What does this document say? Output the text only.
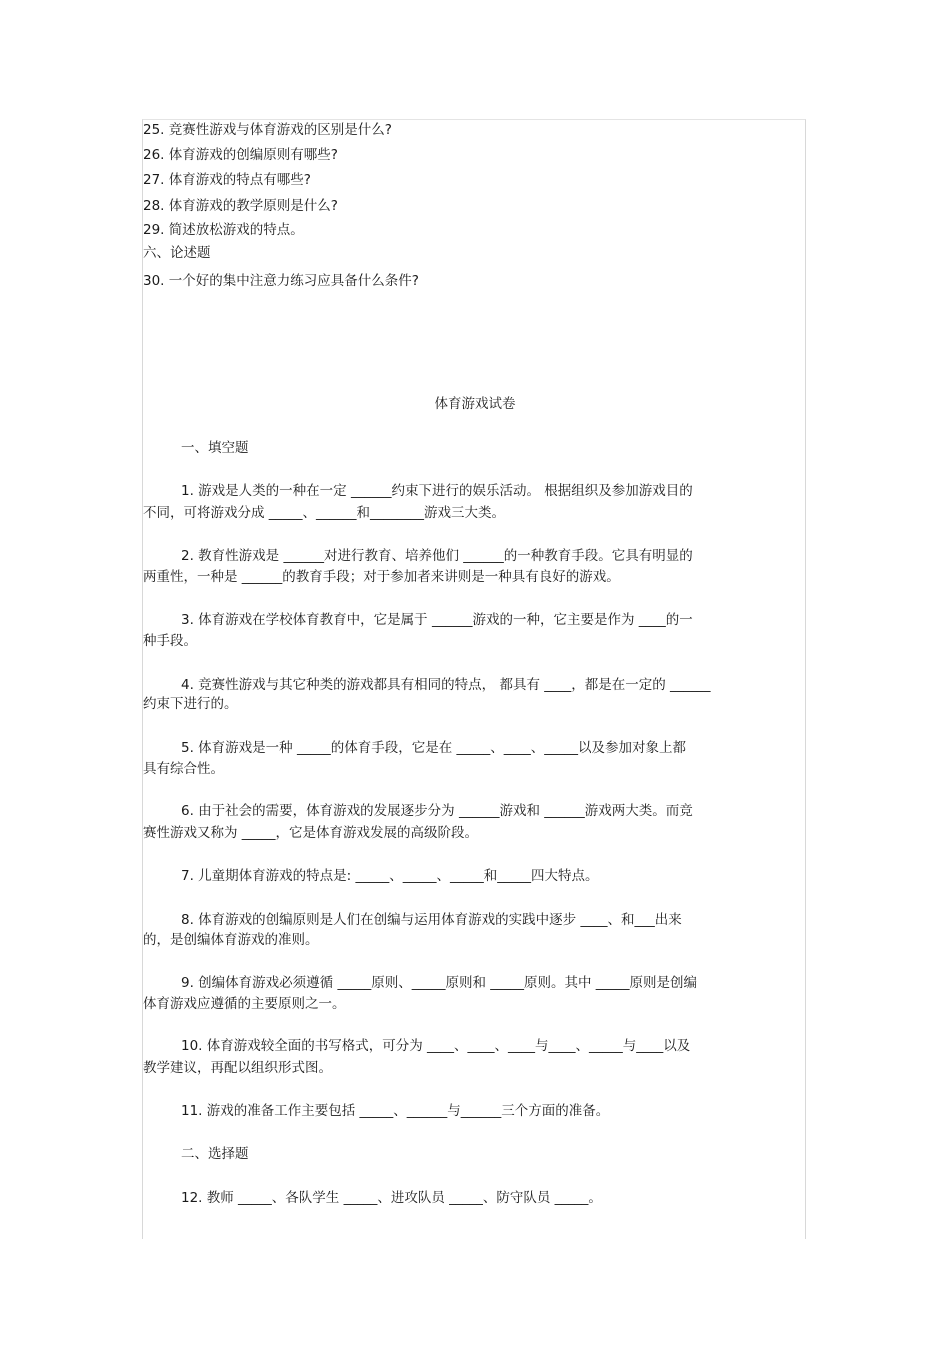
25. 竞赛性游戏与体育游戏的区别是什么?
26. 体育游戏的创编原则有哪些?
27. 体育游戏的特点有哪些?
28. 体育游戏的教学原则是什么?
29. 简述放松游戏的特点。
六、论述题
30. 一个好的集中注意力练习应具备什么条件?
体育游戏试卷
一、填空题
1. 游戏是人类的一种在一定 ______约束下进行的娱乐活动。 根据组织及参加游戏目的
不同，可将游戏分成 _____、______和________游戏三大类。
2. 教育性游戏是 ______对进行教育、培养他们 ______的一种教育手段。它具有明显的
两重性，一种是 ______的教育手段；对于参加者来讲则是一种具有良好的游戏。
3. 体育游戏在学校体育教育中，它是属于 ______游戏的一种，它主要是作为 ____的一
种手段。
4. 竞赛性游戏与其它种类的游戏都具有相同的特点， 都具有 ____，都是在一定的 ______
约束下进行的。
5. 体育游戏是一种 _____的体育手段，它是在 _____、____、_____以及参加对象上都
具有综合性。
6. 由于社会的需要，体育游戏的发展逐步分为 ______游戏和 ______游戏两大类。而竞
赛性游戏又称为 _____，它是体育游戏发展的高级阶段。
7. 儿童期体育游戏的特点是: _____、_____、_____和_____四大特点。
8. 体育游戏的创编原则是人们在创编与运用体育游戏的实践中逐步 ____、和___出来
的，是创编体育游戏的准则。
9. 创编体育游戏必须遵循 _____原则、_____原则和 _____原则。其中 _____原则是创编
体育游戏应遵循的主要原则之一。
10. 体育游戏较全面的书写格式，可分为 ____、____、____与____、_____与____以及
教学建议，再配以组织形式图。
11. 游戏的准备工作主要包括 _____、______与______三个方面的准备。
二、选择题
12. 教师 _____、各队学生 _____、进攻队员 _____、防守队员 _____。
